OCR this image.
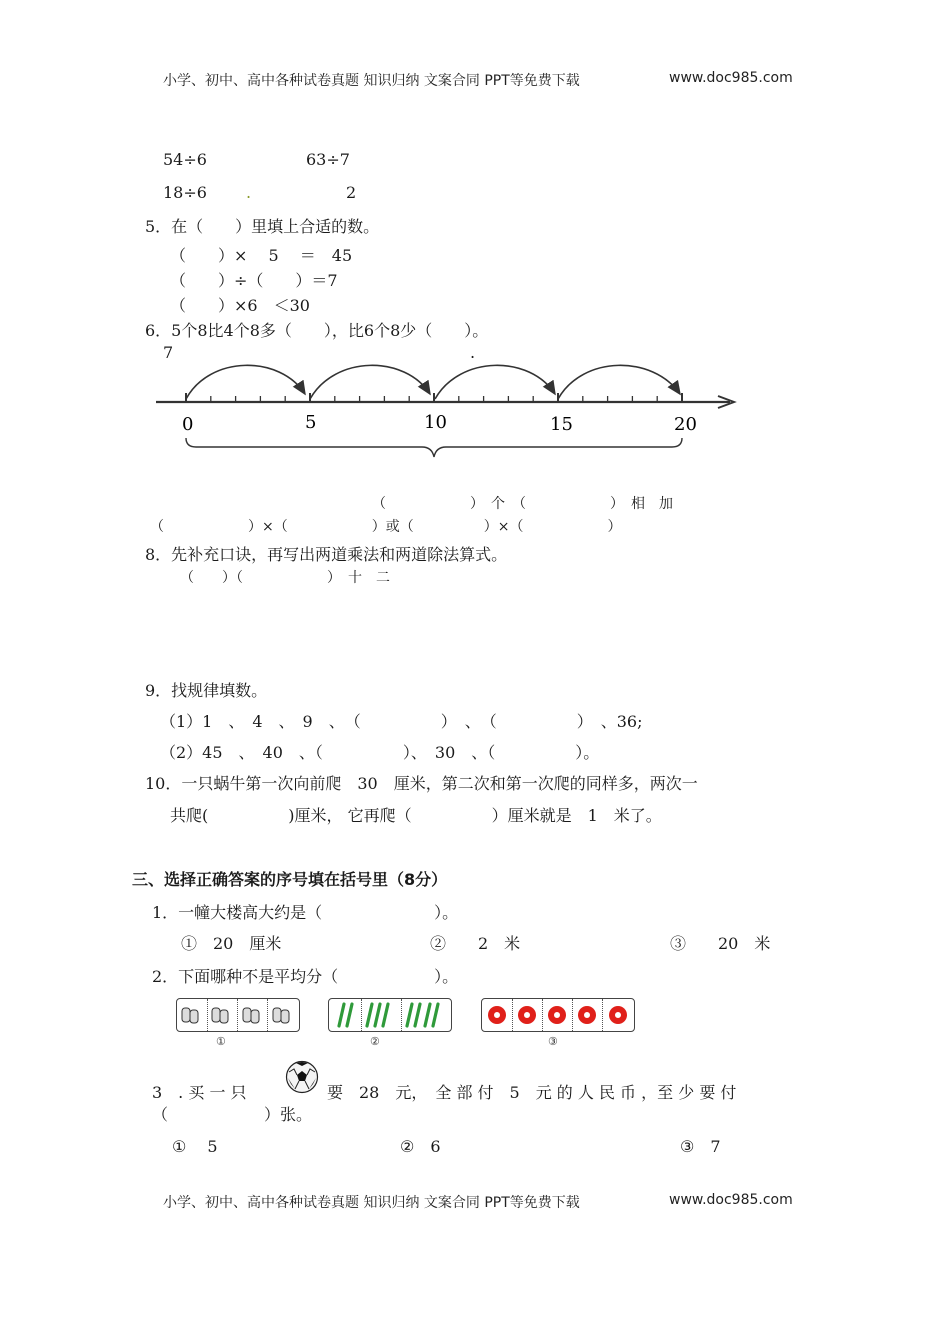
小学、初中、高中各种试卷真题 知识归纳 文案合同 PPT等免费下载	www.doc985.com
54÷6	63÷7
18÷6 .	2
5．在（　　）里填上合适的数。
（　　）×　 5　 ＝　45
（　　）÷（　　）＝7
（　　）×6　＜30
6．5个8比4个8多（　　），比6个8少（　　）。
7	.
0	5	10	15	20
（　　　　　　）　个　（　　　　　　）　相　加
（　　　　　　）×（　　　　　　）或（　　　　　）×（　　　　　　）
8．先补充口诀，再写出两道乘法和两道除法算式。
（　　）（　　　　　　）　十　二
9．找规律填数。
（1）1　、　4　、　9　、　（　　　　　）　、　（　　　　　）　、36;
（2）45　、　40　、（　　　　　）、　30　、（　　　　　）。
10．一只蜗牛第一次向前爬　30　厘米，第二次和第一次爬的同样多，两次一
共爬(　　　　　)厘米， 它再爬（　　　　　）厘米就是　1　米了。
三、选择正确答案的序号填在括号里（8分）
1．一幢大楼高大约是（　　　　　　　）。
①　20　厘米	②　　2　米	③　　20　米
2．下面哪种不是平均分（　　　　　　）。
①	②	③
3　. 买 一 只	要　28　元，　全 部 付　5　元 的 人 民 币 ，至 少 要 付
（　　　　　　）张。
①　 5	②　6	③　7
小学、初中、高中各种试卷真题 知识归纳 文案合同 PPT等免费下载	www.doc985.com
